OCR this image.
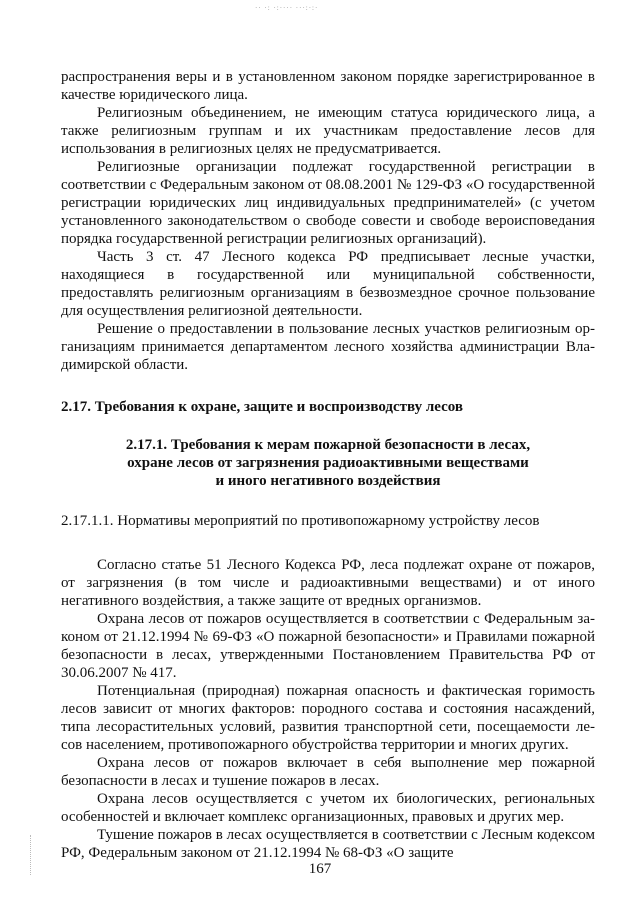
·· ·: ·:···· ···:·:·

распространения веры и в установленном законом порядке зарегистрированное в качестве юридического лица.

Религиозным объединением, не имеющим статуса юридического лица, а также религиозным группам и их участникам предоставление лесов для использования в религиозных целях не предусматривается.

Религиозные организации подлежат государственной регистрации в соответствии с Федеральным законом от 08.08.2001 № 129-ФЗ «О государственной регистрации юридических лиц индивидуальных предпринимателей» (с учетом установленного законодательством о свободе совести и свободе вероисповедания порядка государственной регистрации религиозных организаций).

Часть 3 ст. 47 Лесного кодекса РФ предписывает лесные участки, находящиеся в государственной или муниципальной собственности, предоставлять религиозным организациям в безвозмездное срочное пользование для осуществления религиозной деятельности.

Решение о предоставлении в пользование лесных участков религиозным организациям принимается департаментом лесного хозяйства администрации Владимирской области.

2.17. Требования к охране, защите и воспроизводству лесов

2.17.1. Требования к мерам пожарной безопасности в лесах,
охране лесов от загрязнения радиоактивными веществами
и иного негативного воздействия

2.17.1.1. Нормативы мероприятий по противопожарному устройству лесов

Согласно статье 51 Лесного Кодекса РФ, леса подлежат охране от пожаров, от загрязнения (в том числе и радиоактивными веществами) и от иного негативного воздействия, а также защите от вредных организмов.

Охрана лесов от пожаров осуществляется в соответствии с Федеральным законом от 21.12.1994 № 69-ФЗ «О пожарной безопасности» и Правилами пожарной безопасности в лесах, утвержденными Постановлением Правительства РФ от 30.06.2007 № 417.

Потенциальная (природная) пожарная опасность и фактическая горимость лесов зависит от многих факторов: породного состава и состояния насаждений, типа лесорастительных условий, развития транспортной сети, посещаемости лесов населением, противопожарного обустройства территории и многих других.

Охрана лесов от пожаров включает в себя выполнение мер пожарной безопасности в лесах и тушение пожаров в лесах.

Охрана лесов осуществляется с учетом их биологических, региональных особенностей и включает комплекс организационных, правовых и других мер.

Тушение пожаров в лесах осуществляется в соответствии с Лесным кодексом РФ, Федеральным законом от 21.12.1994 № 68-ФЗ «О защите

167
